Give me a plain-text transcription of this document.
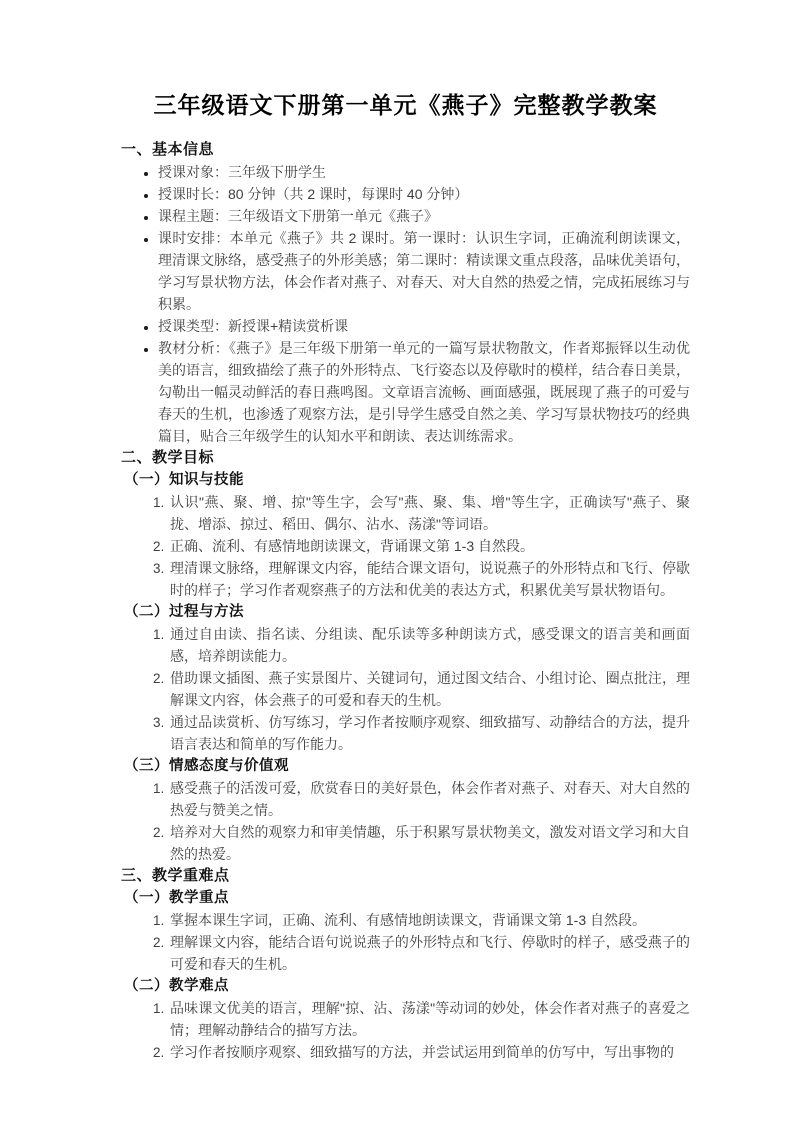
三年级语文下册第一单元《燕子》完整教学教案
一、基本信息
• 授课对象：三年级下册学生
• 授课时长：80 分钟（共 2 课时，每课时 40 分钟）
• 课程主题：三年级语文下册第一单元《燕子》
• 课时安排：本单元《燕子》共 2 课时。第一课时：认识生字词，正确流利朗读课文，理清课文脉络，感受燕子的外形美感；第二课时：精读课文重点段落，品味优美语句，学习写景状物方法，体会作者对燕子、对春天、对大自然的热爱之情，完成拓展练习与积累。
• 授课类型：新授课+精读赏析课
• 教材分析：《燕子》是三年级下册第一单元的一篇写景状物散文，作者郑振铎以生动优美的语言，细致描绘了燕子的外形特点、飞行姿态以及停歇时的模样，结合春日美景，勾勒出一幅灵动鲜活的春日燕鸣图。文章语言流畅、画面感强，既展现了燕子的可爱与春天的生机，也渗透了观察方法，是引导学生感受自然之美、学习写景状物技巧的经典篇目，贴合三年级学生的认知水平和朗读、表达训练需求。
二、教学目标
（一）知识与技能
1. 认识"燕、聚、增、掠"等生字，会写"燕、聚、集、增"等生字，正确读写"燕子、聚拢、增添、掠过、稻田、偶尔、沾水、荡漾"等词语。
2. 正确、流利、有感情地朗读课文，背诵课文第 1-3 自然段。
3. 理清课文脉络，理解课文内容，能结合课文语句，说说燕子的外形特点和飞行、停歇时的样子；学习作者观察燕子的方法和优美的表达方式，积累优美写景状物语句。
（二）过程与方法
1. 通过自由读、指名读、分组读、配乐读等多种朗读方式，感受课文的语言美和画面感，培养朗读能力。
2. 借助课文插图、燕子实景图片、关键词句，通过图文结合、小组讨论、圈点批注，理解课文内容，体会燕子的可爱和春天的生机。
3. 通过品读赏析、仿写练习，学习作者按顺序观察、细致描写、动静结合的方法，提升语言表达和简单的写作能力。
（三）情感态度与价值观
1. 感受燕子的活泼可爱，欣赏春日的美好景色，体会作者对燕子、对春天、对大自然的热爱与赞美之情。
2. 培养对大自然的观察力和审美情趣，乐于积累写景状物美文，激发对语文学习和大自然的热爱。
三、教学重难点
（一）教学重点
1. 掌握本课生字词，正确、流利、有感情地朗读课文，背诵课文第 1-3 自然段。
2. 理解课文内容，能结合语句说说燕子的外形特点和飞行、停歇时的样子，感受燕子的可爱和春天的生机。
（二）教学难点
1. 品味课文优美的语言，理解"掠、沾、荡漾"等动词的妙处，体会作者对燕子的喜爱之情；理解动静结合的描写方法。
2. 学习作者按顺序观察、细致描写的方法，并尝试运用到简单的仿写中，写出事物的
